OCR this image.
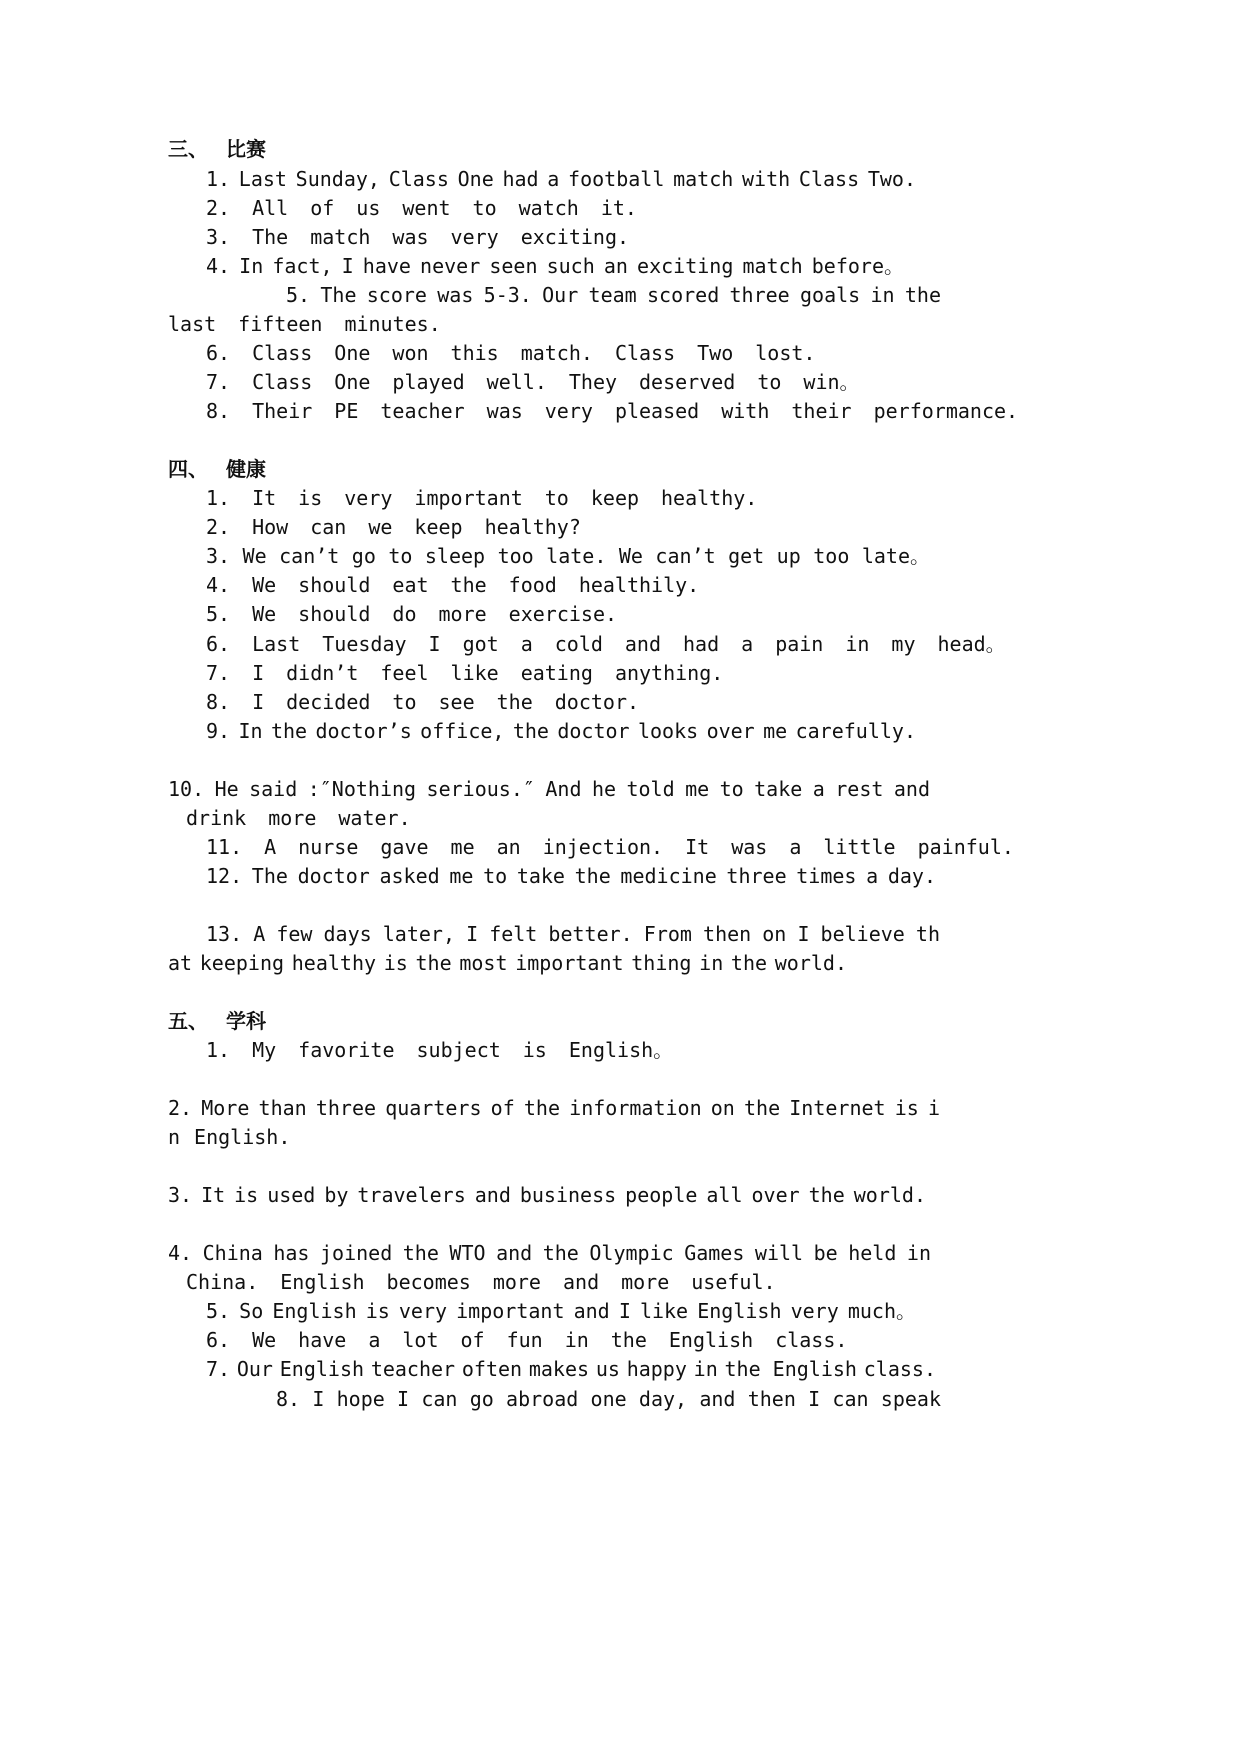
三、 比赛
1. Last Sunday, Class One had a football match with Class Two.
2. All of us went to watch it.
3. The match was very exciting.
4. In fact, I have never seen such an exciting match before。
5. The score was 5-3. Our team scored three goals in the
last fifteen minutes.
6. Class One won this match. Class Two lost.
7. Class One played well. They deserved to win。
8. Their PE teacher was very pleased with their performance.
四、 健康
1. It is very important to keep healthy.
2. How can we keep healthy?
3. We can’t go to sleep too late. We can’t get up too late。
4. We should eat the food healthily.
5. We should do more exercise.
6. Last Tuesday I got a cold and had a pain in my head。
7. I didn’t feel like eating anything.
8. I decided to see the doctor.
9. In the doctor’s office, the doctor looks over me carefully.
10. He said :″Nothing serious.″ And he told me to take a rest and
drink more water.
11. A nurse gave me an injection. It was a little painful.
12. The doctor asked me to take the medicine three times a day.
13. A few days later, I felt better. From then on I believe th
at keeping healthy is the most important thing in the world.
五、 学科
1. My favorite subject is English。
2. More than three quarters of the information on the Internet is i
n English.
3. It is used by travelers and business people all over the world.
4. China has joined the WTO and the Olympic Games will be held in
China. English becomes more and more useful.
5. So English is very important and I like English very much。
6. We have a lot of fun in the English class.
7. Our English teacher often makes us happy in the English class.
8. I hope I can go abroad one day, and then I can speak
